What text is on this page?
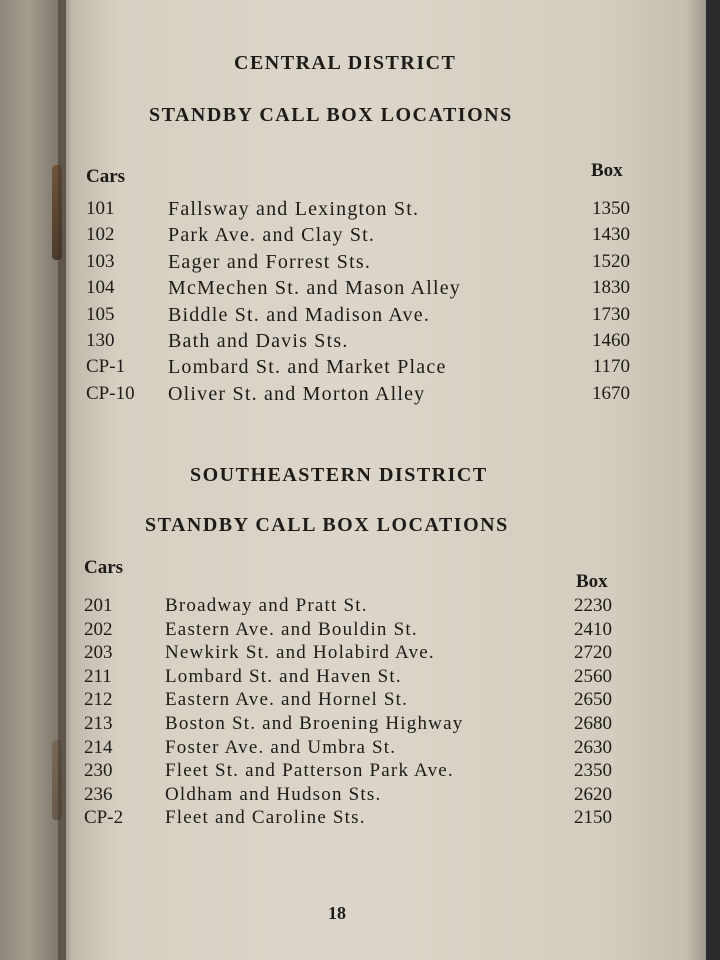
CENTRAL DISTRICT
STANDBY CALL BOX LOCATIONS
Cars	Box
101	Fallsway and Lexington St.	1350
102	Park Ave. and Clay St.	1430
103	Eager and Forrest Sts.	1520
104	McMechen St. and Mason Alley	1830
105	Biddle St. and Madison Ave.	1730
130	Bath and Davis Sts.	1460
CP-1 Lombard St. and Market Place	1170
CP-10 Oliver St. and Morton Alley	1670
SOUTHEASTERN DISTRICT
STANDBY CALL BOX LOCATIONS
Cars
Box
201	Broadway and Pratt St.	2230
202	Eastern Ave. and Bouldin St.	2410
203	Newkirk St. and Holabird Ave.	2720
211	Lombard St. and Haven St.	2560
212	Eastern Ave. and Hornel St.	2650
213	Boston St. and Broening Highway	2680
214	Foster Ave. and Umbra St.	2630
230	Fleet St. and Patterson Park Ave.	2350
236	Oldham and Hudson Sts.	2620
CP-2 Fleet and Caroline Sts.	2150
18
